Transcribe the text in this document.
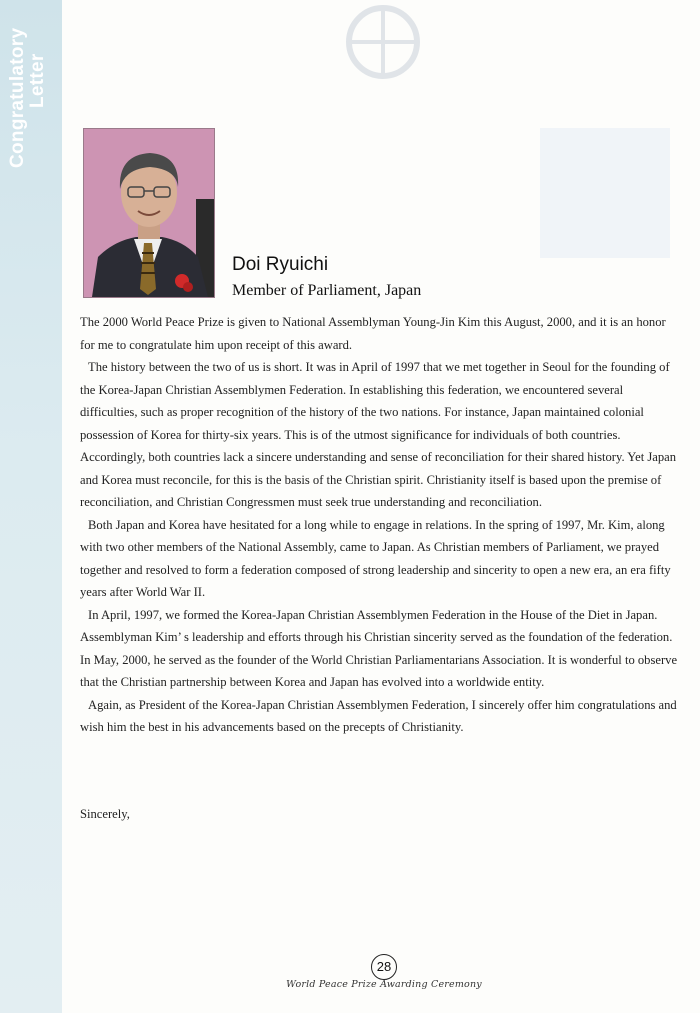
Congratulatory Letter
Doi Ryuichi
Member of Parliament, Japan

The 2000 World Peace Prize is given to National Assemblyman Young-Jin Kim this August, 2000, and it is an honor for me to congratulate him upon receipt of this award.

The history between the two of us is short. It was in April of 1997 that we met together in Seoul for the founding of the Korea-Japan Christian Assemblymen Federation. In establishing this federation, we encountered several difficulties, such as proper recognition of the history of the two nations. For instance, Japan maintained colonial possession of Korea for thirty-six years. This is of the utmost significance for individuals of both countries. Accordingly, both countries lack a sincere understanding and sense of reconciliation for their shared history. Yet Japan and Korea must reconcile, for this is the basis of the Christian spirit. Christianity itself is based upon the premise of reconciliation, and Christian Congressmen must seek true understanding and reconciliation.

Both Japan and Korea have hesitated for a long while to engage in relations. In the spring of 1997, Mr. Kim, along with two other members of the National Assembly, came to Japan. As Christian members of Parliament, we prayed together and resolved to form a federation composed of strong leadership and sincerity to open a new era, an era fifty years after World War II.

In April, 1997, we formed the Korea-Japan Christian Assemblymen Federation in the House of the Diet in Japan. Assemblyman Kim’ s leadership and efforts through his Christian sincerity served as the foundation of the federation. In May, 2000, he served as the founder of the World Christian Parliamentarians Association. It is wonderful to observe that the Christian partnership between Korea and Japan has evolved into a worldwide entity.

Again, as President of the Korea-Japan Christian Assemblymen Federation, I sincerely offer him congratulations and wish him the best in his advancements based on the precepts of Christianity.

Sincerely,
28
World Peace Prize Awarding Ceremony
